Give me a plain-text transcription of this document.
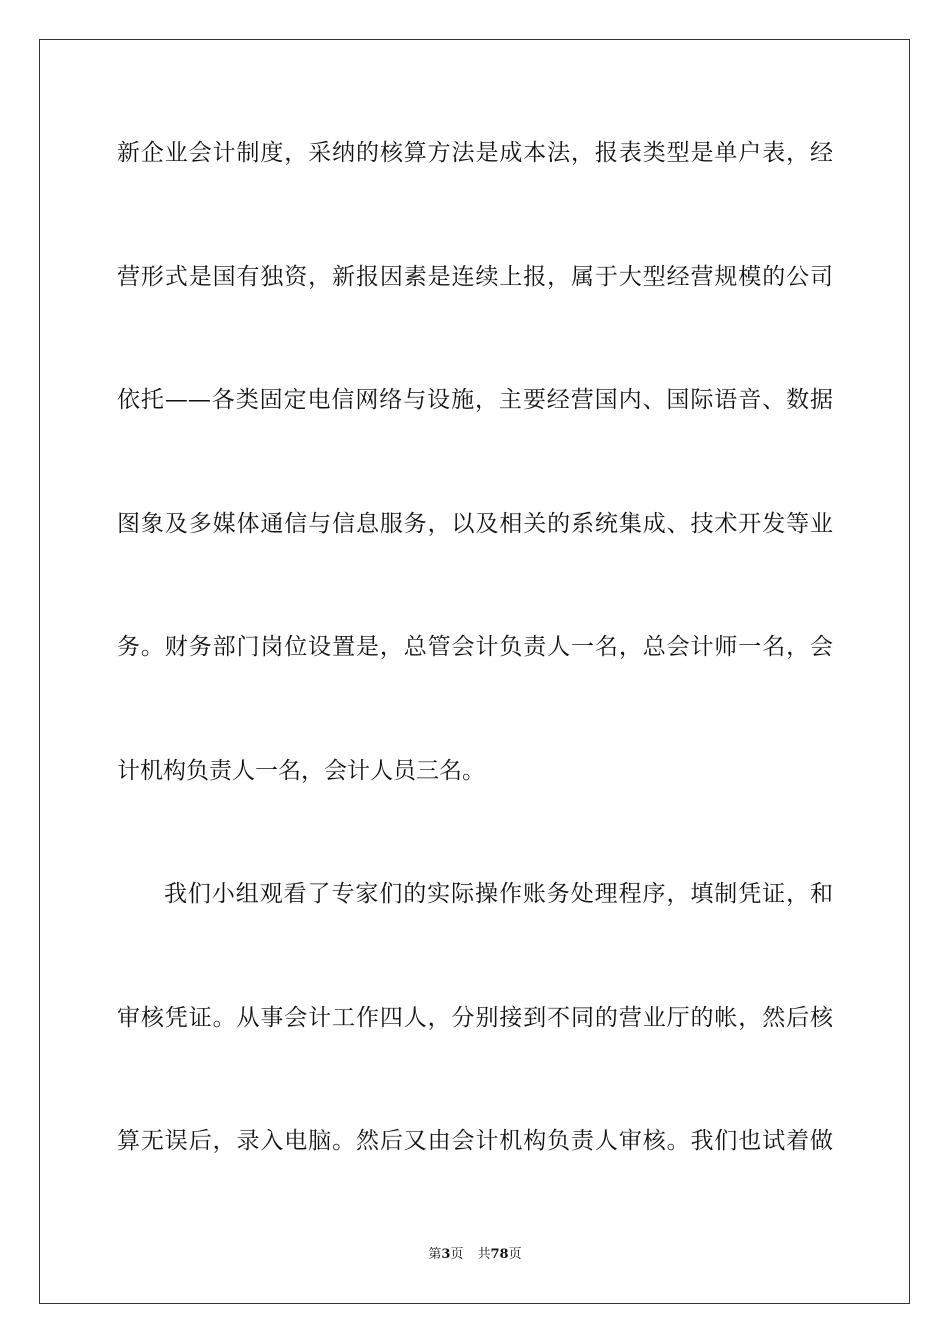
新企业会计制度，采纳的核算方法是成本法，报表类型是单户表，经
营形式是国有独资，新报因素是连续上报，属于大型经营规模的公司
依托——各类固定电信网络与设施，主要经营国内、国际语音、数据
图象及多媒体通信与信息服务，以及相关的系统集成、技术开发等业
务。财务部门岗位设置是，总管会计负责人一名，总会计师一名，会
计机构负责人一名，会计人员三名。
我们小组观看了专家们的实际操作账务处理程序，填制凭证，和
审核凭证。从事会计工作四人，分别接到不同的营业厅的帐，然后核
算无误后，录入电脑。然后又由会计机构负责人审核。我们也试着做
第3页 共78页
